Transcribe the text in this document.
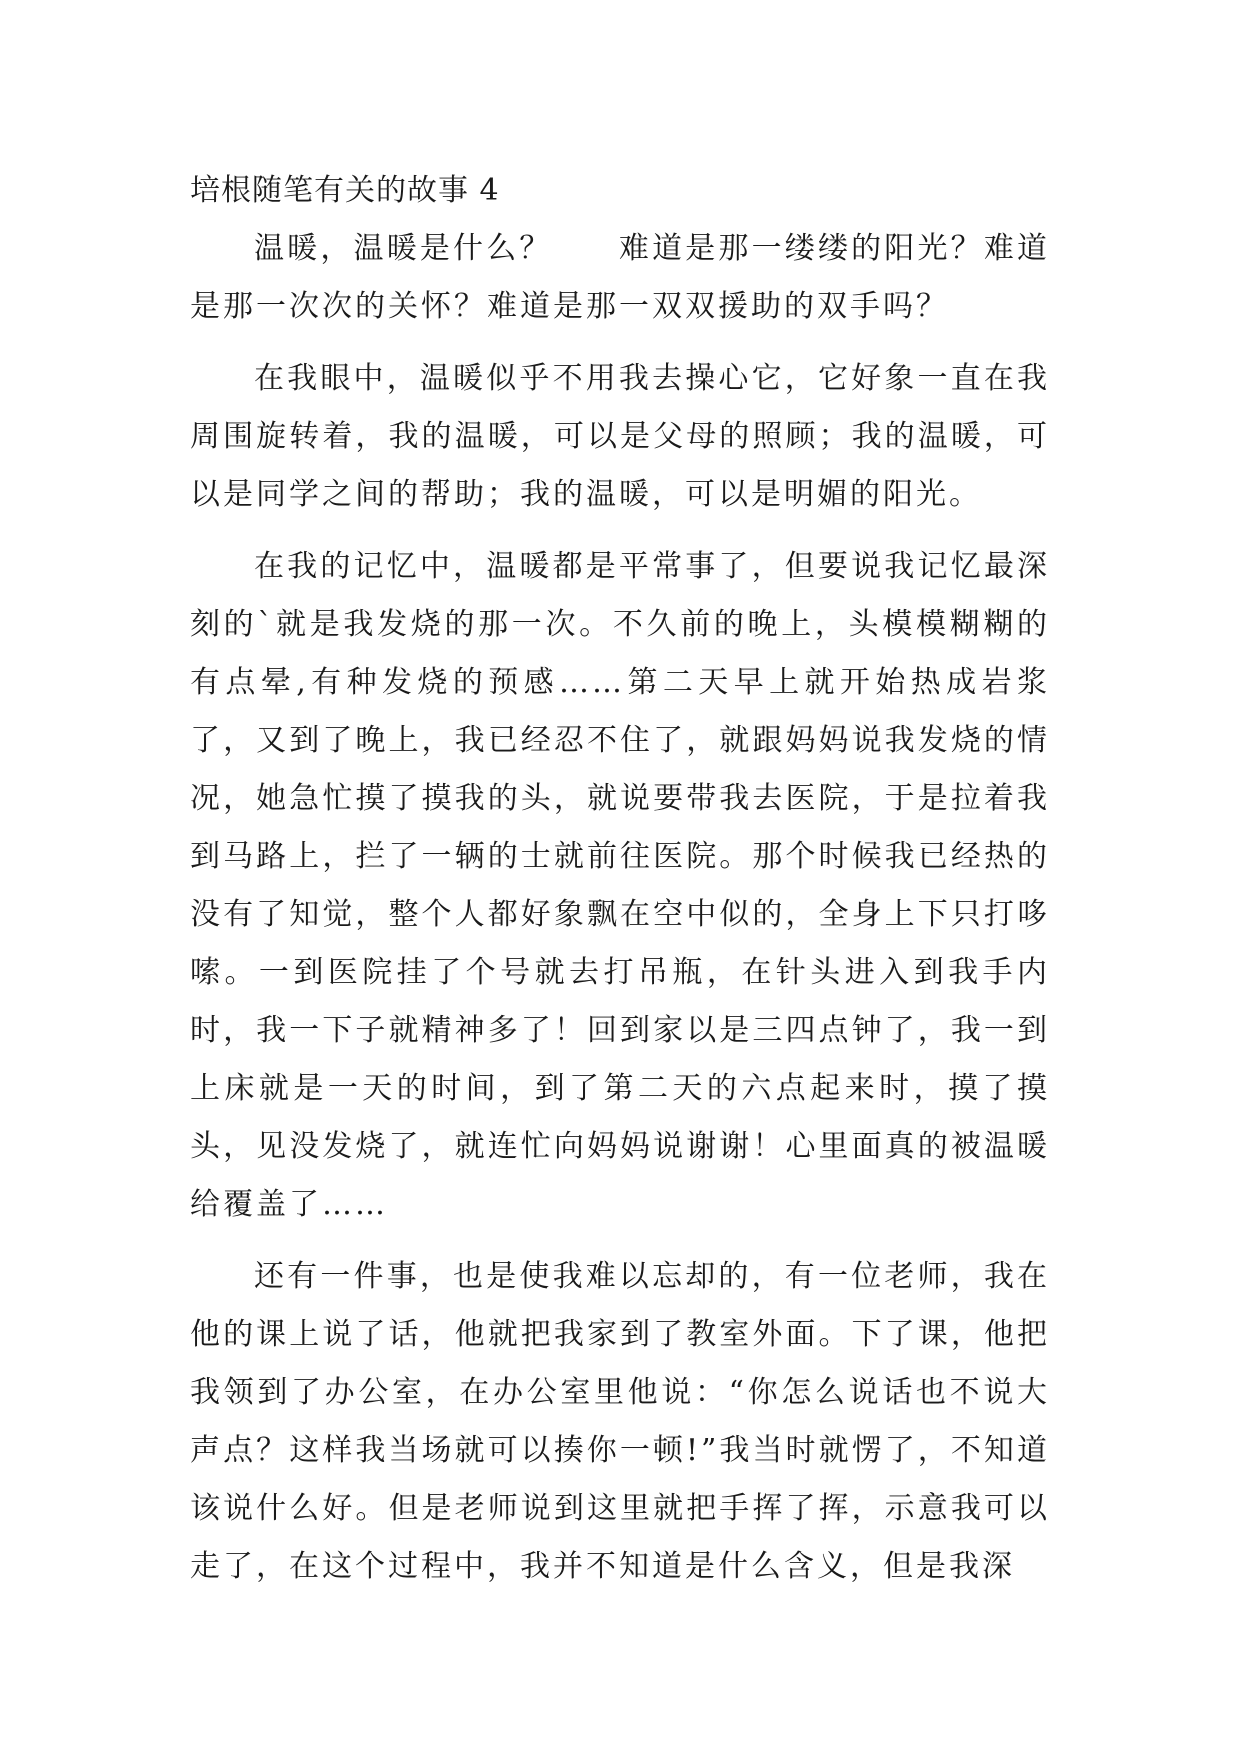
培根随笔有关的故事 4

温暖，温暖是什么？　　难道是那一缕缕的阳光？难道是那一次次的关怀？难道是那一双双援助的双手吗？

在我眼中，温暖似乎不用我去操心它，它好象一直在我周围旋转着，我的温暖，可以是父母的照顾；我的温暖，可以是同学之间的帮助；我的温暖，可以是明媚的阳光。

在我的记忆中，温暖都是平常事了，但要说我记忆最深刻的`就是我发烧的那一次。不久前的晚上，头模模糊糊的有点晕,有种发烧的预感……第二天早上就开始热成岩浆了，又到了晚上，我已经忍不住了，就跟妈妈说我发烧的情况，她急忙摸了摸我的头，就说要带我去医院，于是拉着我到马路上，拦了一辆的士就前往医院。那个时候我已经热的没有了知觉，整个人都好象飘在空中似的，全身上下只打哆嗦。一到医院挂了个号就去打吊瓶，在针头进入到我手内时，我一下子就精神多了！回到家以是三四点钟了，我一到上床就是一天的时间，到了第二天的六点起来时，摸了摸头，见没发烧了，就连忙向妈妈说谢谢！心里面真的被温暖给覆盖了……

还有一件事，也是使我难以忘却的，有一位老师，我在他的课上说了话，他就把我家到了教室外面。下了课，他把我领到了办公室，在办公室里他说：“你怎么说话也不说大声点？这样我当场就可以揍你一顿!”我当时就愣了，不知道该说什么好。但是老师说到这里就把手挥了挥，示意我可以走了，在这个过程中，我并不知道是什么含义，但是我深
